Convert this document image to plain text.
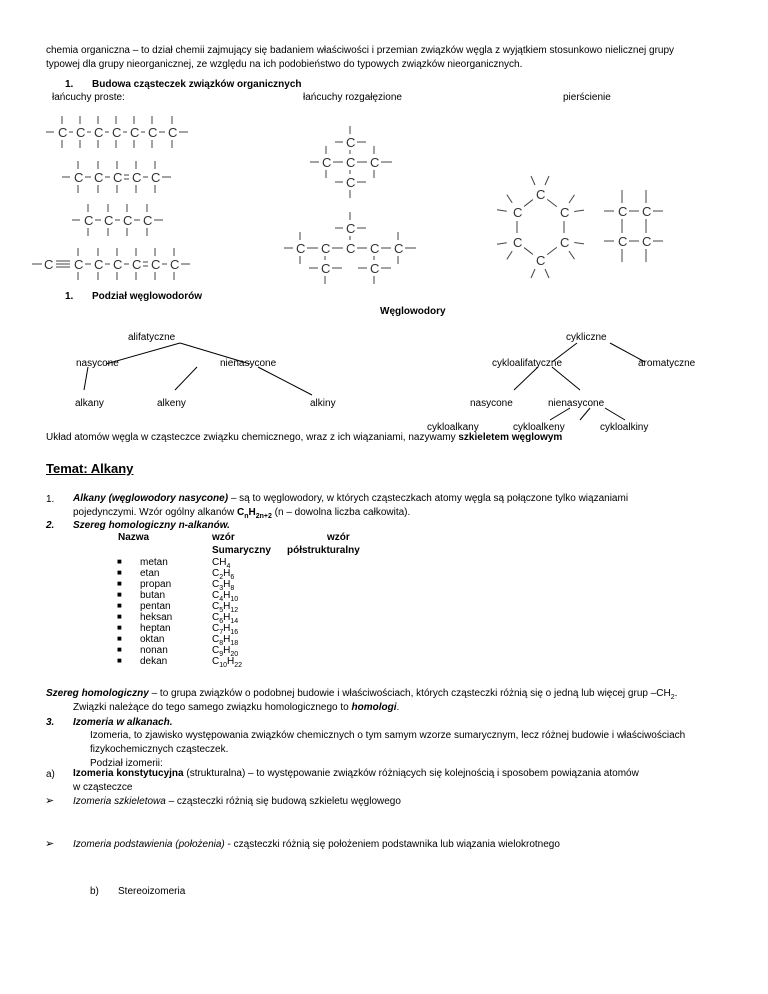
chemia organiczna – to dział chemii zajmujący się badaniem właściwości i przemian związków węgla z wyjątkiem stosunkowo nielicznej grupy
typowej dla grupy nieorganicznej, ze względu na ich podobieństwo do typowych związków nieorganicznych.
1. Budowa cząsteczek związków organicznych
łańcuchy proste:	łańcuchy rozgałęzione	pierścienie
C C C C C C C
C C C C C
C C C C
C C C C C C
C
C C C
C
C
C C C C C
C
C	C
C
C
C
C
C
C	C C
C
C
1. Podział węglowodorów
Węglowodory
alifatyczne	cykliczne
nasycone	nienasycone	cykloalifatyczne	aromatyczne
alkany	alkeny	alkiny	nasycone	nienasycone
cykloalkany	cykloalkeny	cykloalkiny
Układ atomów węgla w cząsteczce związku chemicznego, wraz z ich wiązaniami, nazywamy szkieletem węglowym
Temat: Alkany
1. Alkany (węglowodory nasycone) – są to węglowodory, w których cząsteczkach atomy węgla są połączone tylko wiązaniami
pojedynczymi. Wzór ogólny alkanów $C_nH_{2n+2}$ (n – dowolna liczba całkowita).
2. Szereg homologiczny n-alkanów.
Nazwa	wzór	wzór
Sumaryczny półstrukturalny
■ metan	$CH_4$
■ etan	$C_2H_6$
■ propan	$C_3H_8$
■ butan	$C_4H_{10}$
■ pentan	$C_5H_{12}$
■ heksan	$C_6H_{14}$
■ heptan	$C_7H_{16}$
■ oktan	$C_8H_{18}$
■ nonan	$C_9H_{20}$
■ dekan	$C_{10}H_{22}$
Szereg homologiczny – to grupa związków o podobnej budowie i właściwościach, których cząsteczki różnią się o jedną lub więcej grup $-CH_2$.
Związki należące do tego samego związku homologicznego to homologi.
3. Izomeria w alkanach.
Izomeria, to zjawisko występowania związków chemicznych o tym samym wzorze sumarycznym, lecz różnej budowie i właściwościach
fizykochemicznych cząsteczek.
Podział izomerii:
a) Izomeria konstytucyjna (strukturalna) – to występowanie związków różniących się kolejnością i sposobem powiązania atomów
w cząsteczce
➢ Izomeria szkieletowa – cząsteczki różnią się budową szkieletu węglowego
➢ Izomeria podstawienia (położenia) - cząsteczki różnią się położeniem podstawnika lub wiązania wielokrotnego
b) Stereoizomeria
